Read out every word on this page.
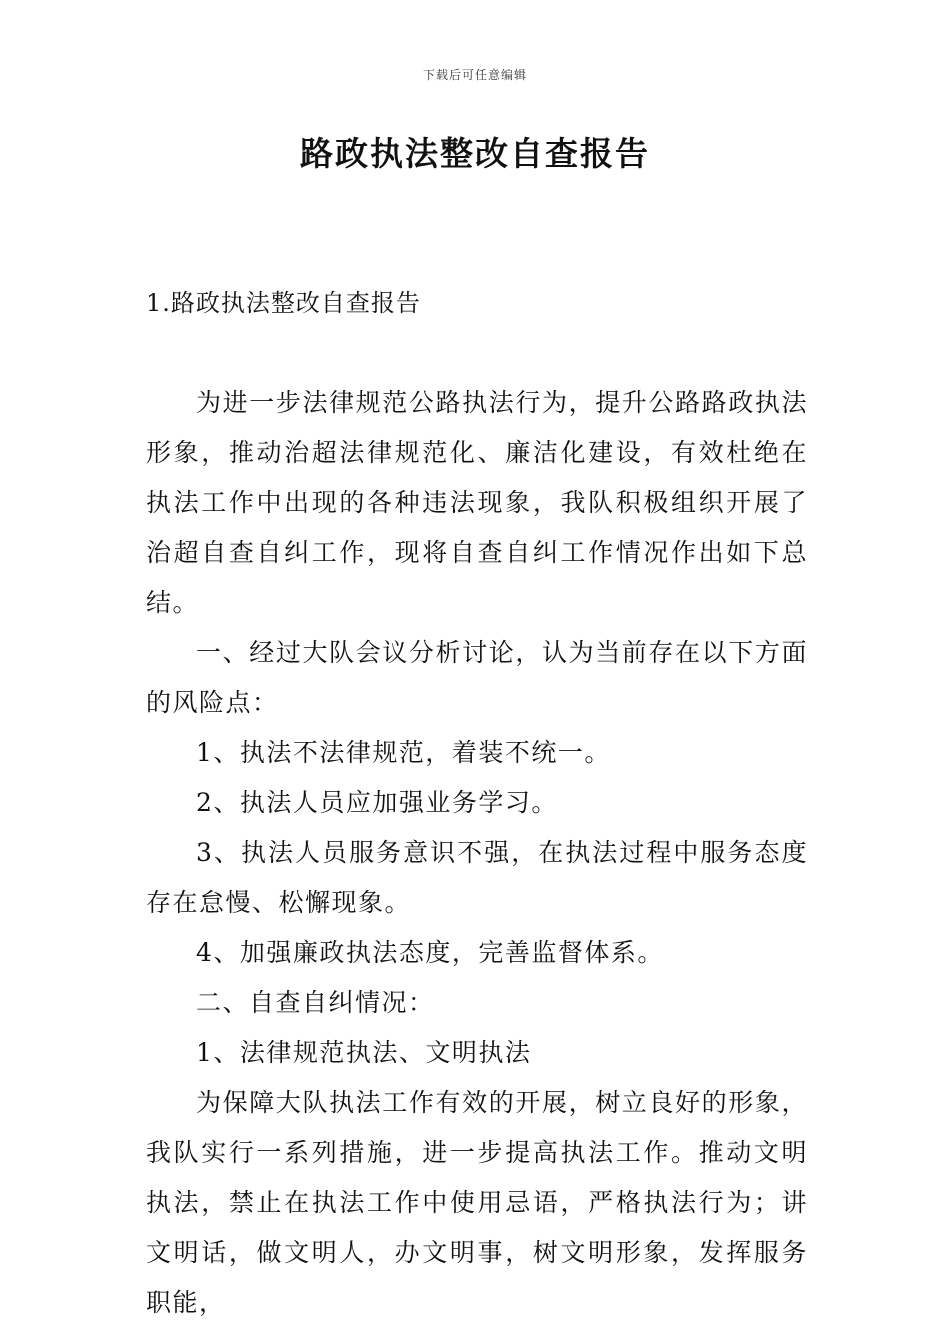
下载后可任意编辑
路政执法整改自查报告
1.路政执法整改自查报告

为进一步法律规范公路执法行为，提升公路路政执法形象，推动治超法律规范化、廉洁化建设，有效杜绝在执法工作中出现的各种违法现象，我队积极组织开展了治超自查自纠工作，现将自查自纠工作情况作出如下总结。

一、经过大队会议分析讨论，认为当前存在以下方面的风险点：

1、执法不法律规范，着装不统一。

2、执法人员应加强业务学习。

3、执法人员服务意识不强，在执法过程中服务态度存在怠慢、松懈现象。

4、加强廉政执法态度，完善监督体系。

二、自查自纠情况：

1、法律规范执法、文明执法

为保障大队执法工作有效的开展，树立良好的形象，我队实行一系列措施，进一步提高执法工作。推动文明执法，禁止在执法工作中使用忌语，严格执法行为；讲文明话，做文明人，办文明事，树文明形象，发挥服务职能，
